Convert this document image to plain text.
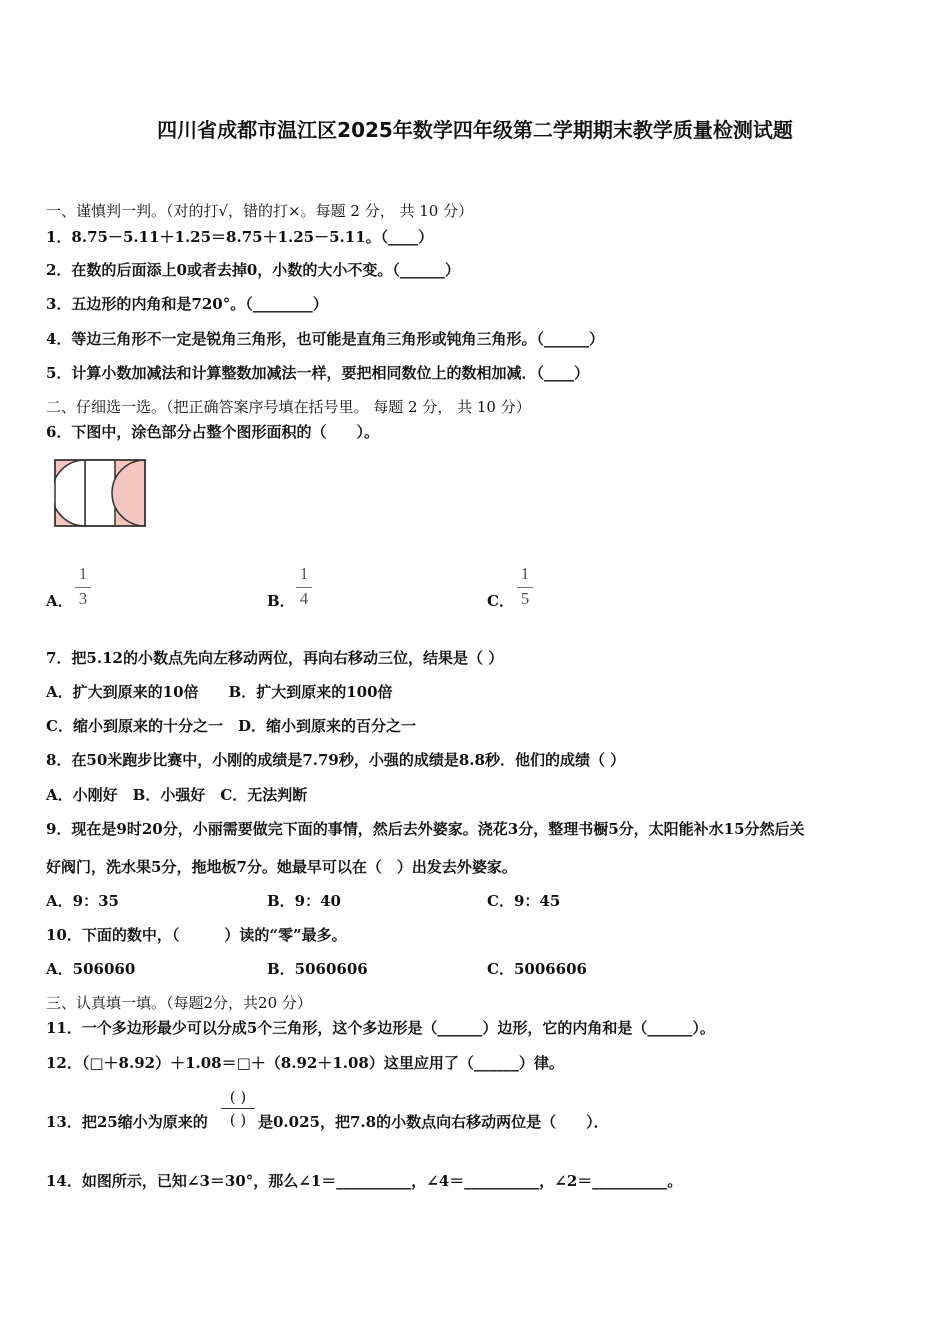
四川省成都市温江区2025年数学四年级第二学期期末教学质量检测试题
一、谨慎判一判。（对的打√，错的打×。每题 2 分， 共 10 分）
1．8.75－5.11＋1.25＝8.75＋1.25－5.11。（____）
2．在数的后面添上0或者去掉0，小数的大小不变。（______）
3．五边形的内角和是720°。（________）
4．等边三角形不一定是锐角三角形，也可能是直角三角形或钝角三角形。（______）
5．计算小数加减法和计算整数加减法一样，要把相同数位上的数相加减．（____）
二、仔细选一选。（把正确答案序号填在括号里。 每题 2 分， 共 10 分）
6．下图中，涂色部分占整个图形面积的（　　）。
A．
1
3	B．
1
4	C．
1
5
7．把5.12的小数点先向左移动两位，再向右移动三位，结果是（ ）
A．扩大到原来的10倍　　B．扩大到原来的100倍
C．缩小到原来的十分之一　D．缩小到原来的百分之一
8．在50米跑步比赛中，小刚的成绩是7.79秒，小强的成绩是8.8秒．他们的成绩（ ）
A．小刚好　B．小强好　C．无法判断
9．现在是9时20分，小丽需要做完下面的事情，然后去外婆家。浇花3分，整理书橱5分，太阳能补水15分然后关
好阀门，洗水果5分，拖地板7分。她最早可以在（　）出发去外婆家。
A．9：35	B．9：40	C．9：45
10．下面的数中，（　　　）读的“零”最多。
A．506060	B．5060606	C．5006606
三、认真填一填。（每题2分，共20 分）
11．一个多边形最少可以分成5个三角形，这个多边形是（______）边形，它的内角和是（______）。
12．（□＋8.92）＋1.08＝□＋（8.92＋1.08）这里应用了（______）律。
13．把25缩小为原来的
( )
( ) 是0.025，把7.8的小数点向右移动两位是（　　）．
14．如图所示，已知∠3＝30°，那么∠1＝__________，∠4＝__________，∠2＝__________。
